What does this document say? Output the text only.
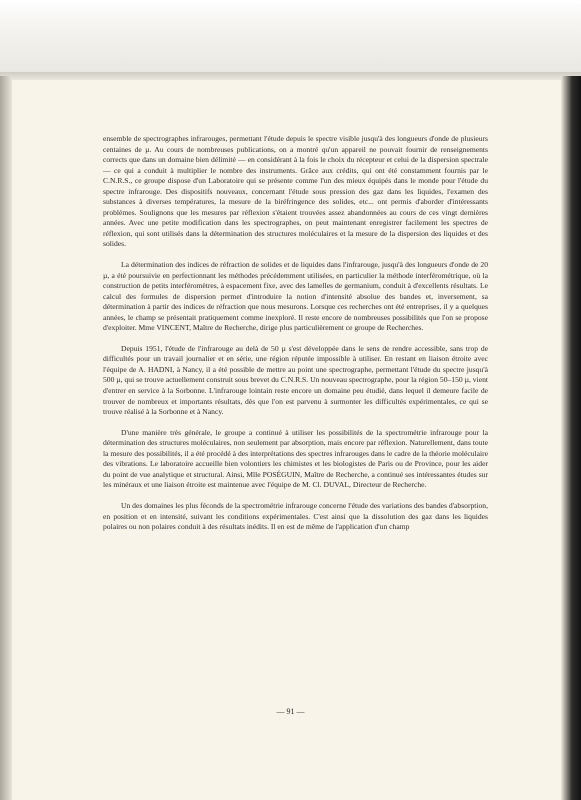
ensemble de spectrographes infrarouges, permettant l'étude depuis le spectre visible jusqu'à des longueurs d'onde de plusieurs centaines de µ. Au cours de nombreuses publications, on a montré qu'un appareil ne pouvait fournir de renseignements corrects que dans un domaine bien délimité — en considérant à la fois le choix du récepteur et celui de la dispersion spectrale — ce qui a conduit à multiplier le nombre des instruments. Grâce aux crédits, qui ont été constamment fournis par le C.N.R.S., ce groupe dispose d'un Laboratoire qui se présente comme l'un des mieux équipés dans le monde pour l'étude du spectre infrarouge. Des dispositifs nouveaux, concernant l'étude sous pression des gaz dans les liquides, l'examen des substances à diverses températures, la mesure de la biréfringence des solides, etc... ont permis d'aborder d'intéressants problèmes. Soulignons que les mesures par réflexion s'étaient trouvées assez abandonnées au cours de ces vingt dernières années. Avec une petite modification dans les spectrographes, on peut maintenant enregistrer facilement les spectres de réflexion, qui sont utilisés dans la détermination des structures moléculaires et la mesure de la dispersion des liquides et des solides.

La détermination des indices de réfraction de solides et de liquides dans l'infrarouge, jusqu'à des longueurs d'onde de 20 µ, a été poursuivie en perfectionnant les méthodes précédemment utilisées, en particulier la méthode interférométrique, où la construction de petits interféromètres, à espacement fixe, avec des lamelles de germanium, conduit à d'excellents résultats. Le calcul des formules de dispersion permet d'introduire la notion d'intensité absolue des bandes et, inversement, sa détermination à partir des indices de réfraction que nous mesurons. Lorsque ces recherches ont été entreprises, il y a quelques années, le champ se présentait pratiquement comme inexploré. Il reste encore de nombreuses possibilités que l'on se propose d'exploiter. Mme VINCENT, Maître de Recherche, dirige plus particulièrement ce groupe de Recherches.

Depuis 1951, l'étude de l'infrarouge au delà de 50 µ s'est développée dans le sens de rendre accessible, sans trop de difficultés pour un travail journalier et en série, une région réputée impossible à utiliser. En restant en liaison étroite avec l'équipe de A. HADNI, à Nancy, il a été possible de mettre au point une spectrographe, permettant l'étude du spectre jusqu'à 500 µ, qui se trouve actuellement construit sous brevet du C.N.R.S. Un nouveau spectrographe, pour la région 50–150 µ, vient d'entrer en service à la Sorbonne. L'infrarouge lointain reste encore un domaine peu étudié, dans lequel il demeure facile de trouver de nombreux et importants résultats, dès que l'on est parvenu à surmonter les difficultés expérimentales, ce qui se trouve réalisé à la Sorbonne et à Nancy.

D'une manière très générale, le groupe a continué à utiliser les possibilités de la spectrométrie infrarouge pour la détermination des structures moléculaires, non seulement par absorption, mais encore par réflexion. Naturellement, dans toute la mesure des possibilités, il a été procédé à des interprétations des spectres infrarouges dans le cadre de la théorie moléculaire des vibrations. Le laboratoire accueille bien volontiers les chimistes et les biologistes de Paris ou de Province, pour les aider du point de vue analytique et structural. Ainsi, Mlle POSÉGUIN, Maître de Recherche, a continué ses intéressantes études sur les minéraux et une liaison étroite est maintenue avec l'équipe de M. Cl. DUVAL, Directeur de Recherche.

Un des domaines les plus féconds de la spectrométrie infrarouge concerne l'étude des variations des bandes d'absorption, en position et en intensité, suivant les conditions expérimentales. C'est ainsi que la dissolution des gaz dans les liquides polaires ou non polaires conduit à des résultats inédits. Il en est de même de l'application d'un champ

— 91 —
